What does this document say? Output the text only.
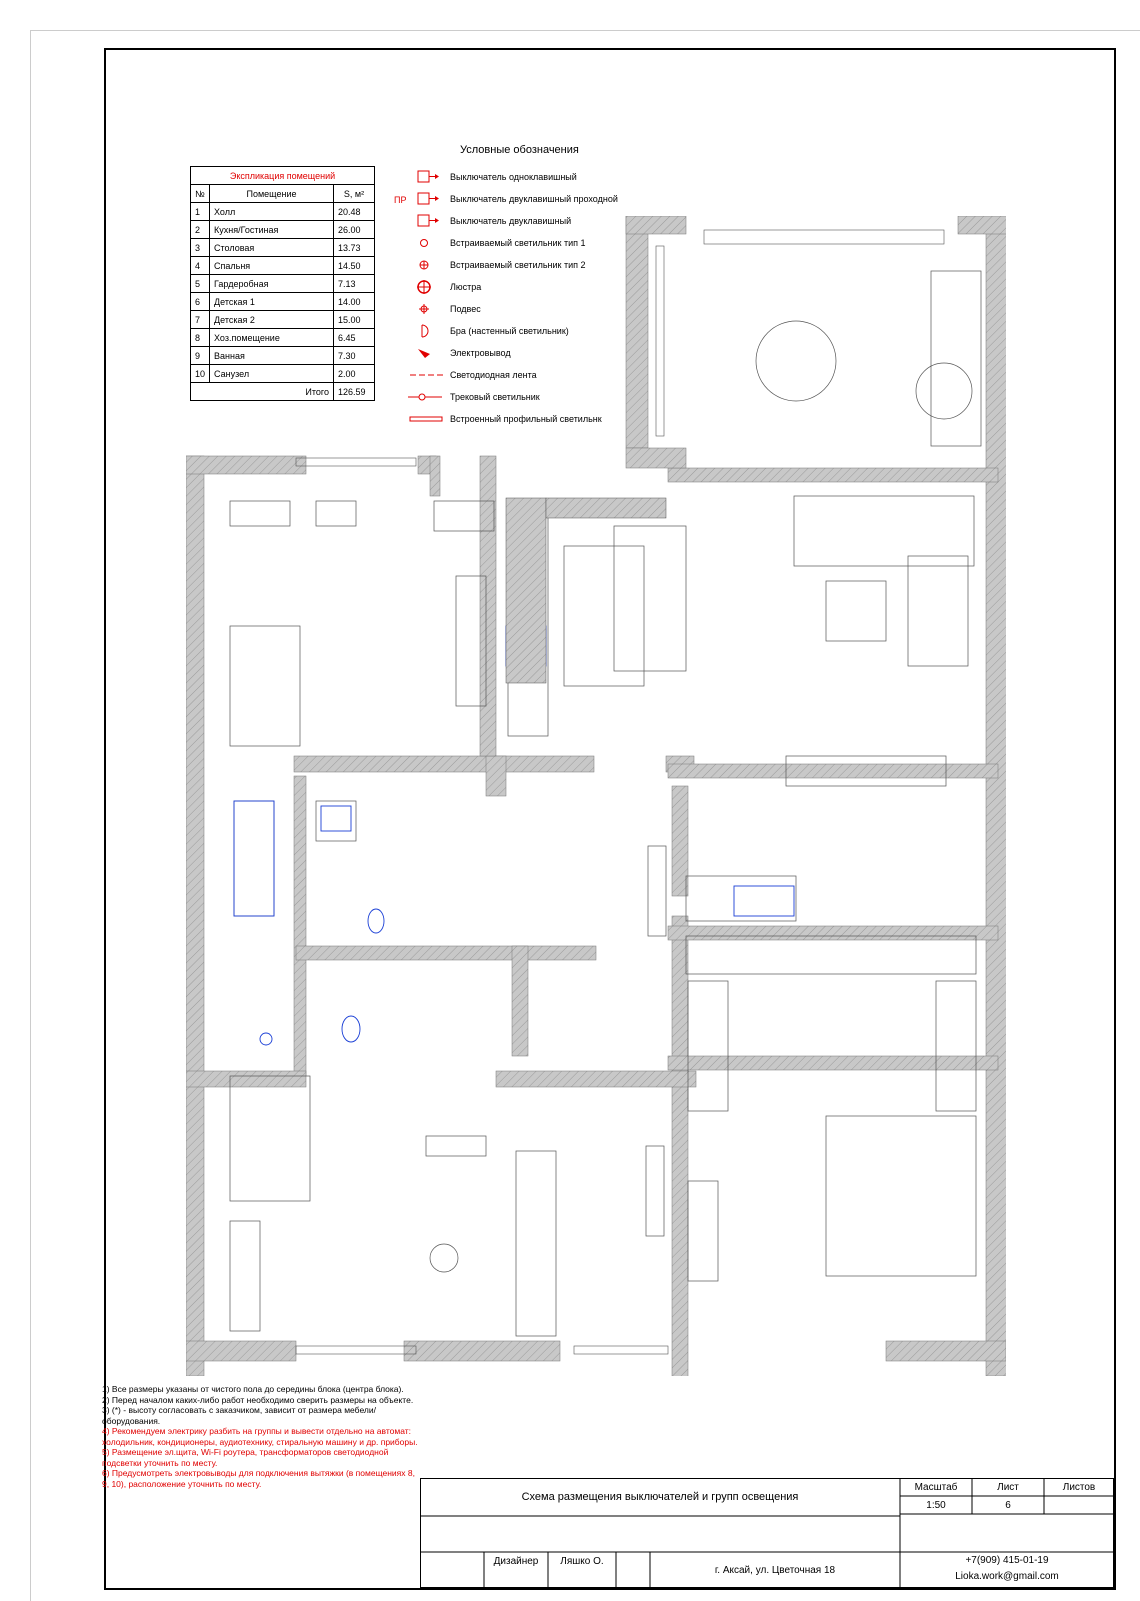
Экспликация помещений		
№	Помещение	S, м²
1	Холл	20.48
2	Кухня/Гостиная	26.00
3	Столовая	13.73
4	Спальня	14.50
5	Гардеробная	7.13
6	Детская 1	14.00
7	Детская 2	15.00
8	Хоз.помещение	6.45
9	Ванная	7.30
10	Санузел	2.00
Итого		126.59
Условные обозначения
Выключатель одноклавишный
ПР	Выключатель двуклавишный проходной
Выключатель двуклавишный
Встраиваемый светильник тип 1
Встраиваемый светильник тип 2
Люстра
Подвес
Бра (настенный светильник)
Электровывод
Светодиодная лента
Трековый светильник
Встроенный профильный светильнк
1) Все размеры указаны от чистого пола до середины блока (центра блока).
2) Перед началом каких-либо работ необходимо сверить размеры на объекте.
3) (*) - высоту согласовать с заказчиком, зависит от размера мебели/оборудования.
4) Рекомендуем электрику разбить на группы и вывести отдельно на автомат: холодильник, кондиционеры, аудиотехнику, стиральную машину и др. приборы.
5) Размещение эл.щита, Wi-Fi роутера, трансформаторов светодиодной подсветки уточнить по месту.
6) Предусмотреть электровыводы для подключения вытяжки (в помещениях 8, 9, 10), расположение уточнить по месту.
Схема размещения выключателей и групп освещения
Масштаб	Лист	Листов
1:50	6
Дизайнер	Ляшко О.
г. Аксай, ул. Цветочная 18
+7(909) 415-01-19
Lioka.work@gmail.com
